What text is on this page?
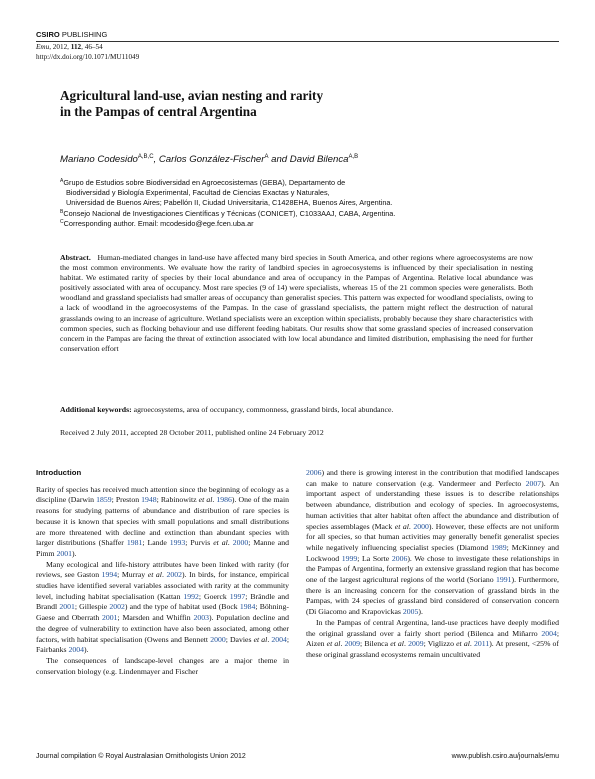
CSIRO PUBLISHING
Emu, 2012, 112, 46–54
http://dx.doi.org/10.1071/MU11049
Agricultural land-use, avian nesting and rarity
in the Pampas of central Argentina
Mariano Codesido$^{A,B,C}$, Carlos González-Fischer$^A$ and David Bilenca$^{A,B}$
$^A$Grupo de Estudios sobre Biodiversidad en Agroecosistemas (GEBA), Departamento de
Biodiversidad y Biología Experimental, Facultad de Ciencias Exactas y Naturales,
Universidad de Buenos Aires; Pabellón II, Ciudad Universitaria, C1428EHA, Buenos Aires, Argentina.
$^B$Consejo Nacional de Investigaciones Científicas y Técnicas (CONICET), C1033AAJ, CABA, Argentina.
$^C$Corresponding author. Email: mcodesido@ege.fcen.uba.ar
Abstract. Human-mediated changes in land-use have affected many bird species in South America, and other regions where agroecosystems are now the most common environments. We evaluate how the rarity of landbird species in agroecosystems is influenced by their specialisation in nesting habitat. We estimated rarity of species by their local abundance and area of occupancy in the Pampas of Argentina. Relative local abundance was positively associated with area of occupancy. Most rare species (9 of 14) were specialists, whereas 15 of the 21 common species were generalists. Both woodland and grassland specialists had smaller areas of occupancy than generalist species. This pattern was expected for woodland specialists, owing to a lack of woodland in the agroecosystems of the Pampas. In the case of grassland specialists, the pattern might reflect the destruction of natural grasslands owing to an increase of agriculture. Wetland specialists were an exception within specialists, probably because they share characteristics with common species, such as flocking behaviour and use different feeding habitats. Our results show that some grassland species of increased conservation concern in the Pampas are facing the threat of extinction associated with low local abundance and limited distribution, emphasising the need for further conservation effort
Additional keywords: agroecosystems, area of occupancy, commonness, grassland birds, local abundance.
Received 2 July 2011, accepted 28 October 2011, published online 24 February 2012
Introduction

Rarity of species has received much attention since the beginning of ecology as a discipline (Darwin 1859; Preston 1948; Rabinowitz et al. 1986). One of the main reasons for studying patterns of abundance and distribution of rare species is because it is known that species with small populations and small distributions are more threatened with decline and extinction than abundant species with larger distributions (Shaffer 1981; Lande 1993; Purvis et al. 2000; Manne and Pimm 2001).

Many ecological and life-history attributes have been linked with rarity (for reviews, see Gaston 1994; Murray et al. 2002). In birds, for instance, empirical studies have identified several variables associated with rarity at the community level, including habitat specialisation (Kattan 1992; Goerck 1997; Brändle and Brandl 2001; Gillespie 2002) and the type of habitat used (Bock 1984; Böhning-Gaese and Oberrath 2001; Marsden and Whiffin 2003). Population decline and the degree of vulnerability to extinction have also been associated, among other factors, with habitat specialisation (Owens and Bennett 2000; Davies et al. 2004; Fairbanks 2004).

The consequences of landscape-level changes are a major theme in conservation biology (e.g. Lindenmayer and Fischer

2006) and there is growing interest in the contribution that modified landscapes can make to nature conservation (e.g. Vandermeer and Perfecto 2007). An important aspect of understanding these issues is to describe relationships between abundance, distribution and ecology of species. In agroecosystems, human activities that alter habitat often affect the abundance and distribution of species assemblages (Mack et al. 2000). However, these effects are not uniform for all species, so that human activities may generally benefit generalist species while negatively influencing specialist species (Diamond 1989; McKinney and Lockwood 1999; La Sorte 2006). We chose to investigate these relationships in the Pampas of Argentina, formerly an extensive grassland region that has become one of the largest agricultural regions of the world (Soriano 1991). Furthermore, there is an increasing concern for the conservation of grassland birds in the Pampas, with 24 species of grassland bird considered of conservation concern (Di Giacomo and Krapovickas 2005).

In the Pampas of central Argentina, land-use practices have deeply modified the original grassland over a fairly short period (Bilenca and Miñarro 2004; Aizen et al. 2009; Bilenca et al. 2009; Viglizzo et al. 2011). At present, <25% of these original grassland ecosystems remain uncultivated

Journal compilation © Royal Australasian Ornithologists Union 2012	www.publish.csiro.au/journals/emu
